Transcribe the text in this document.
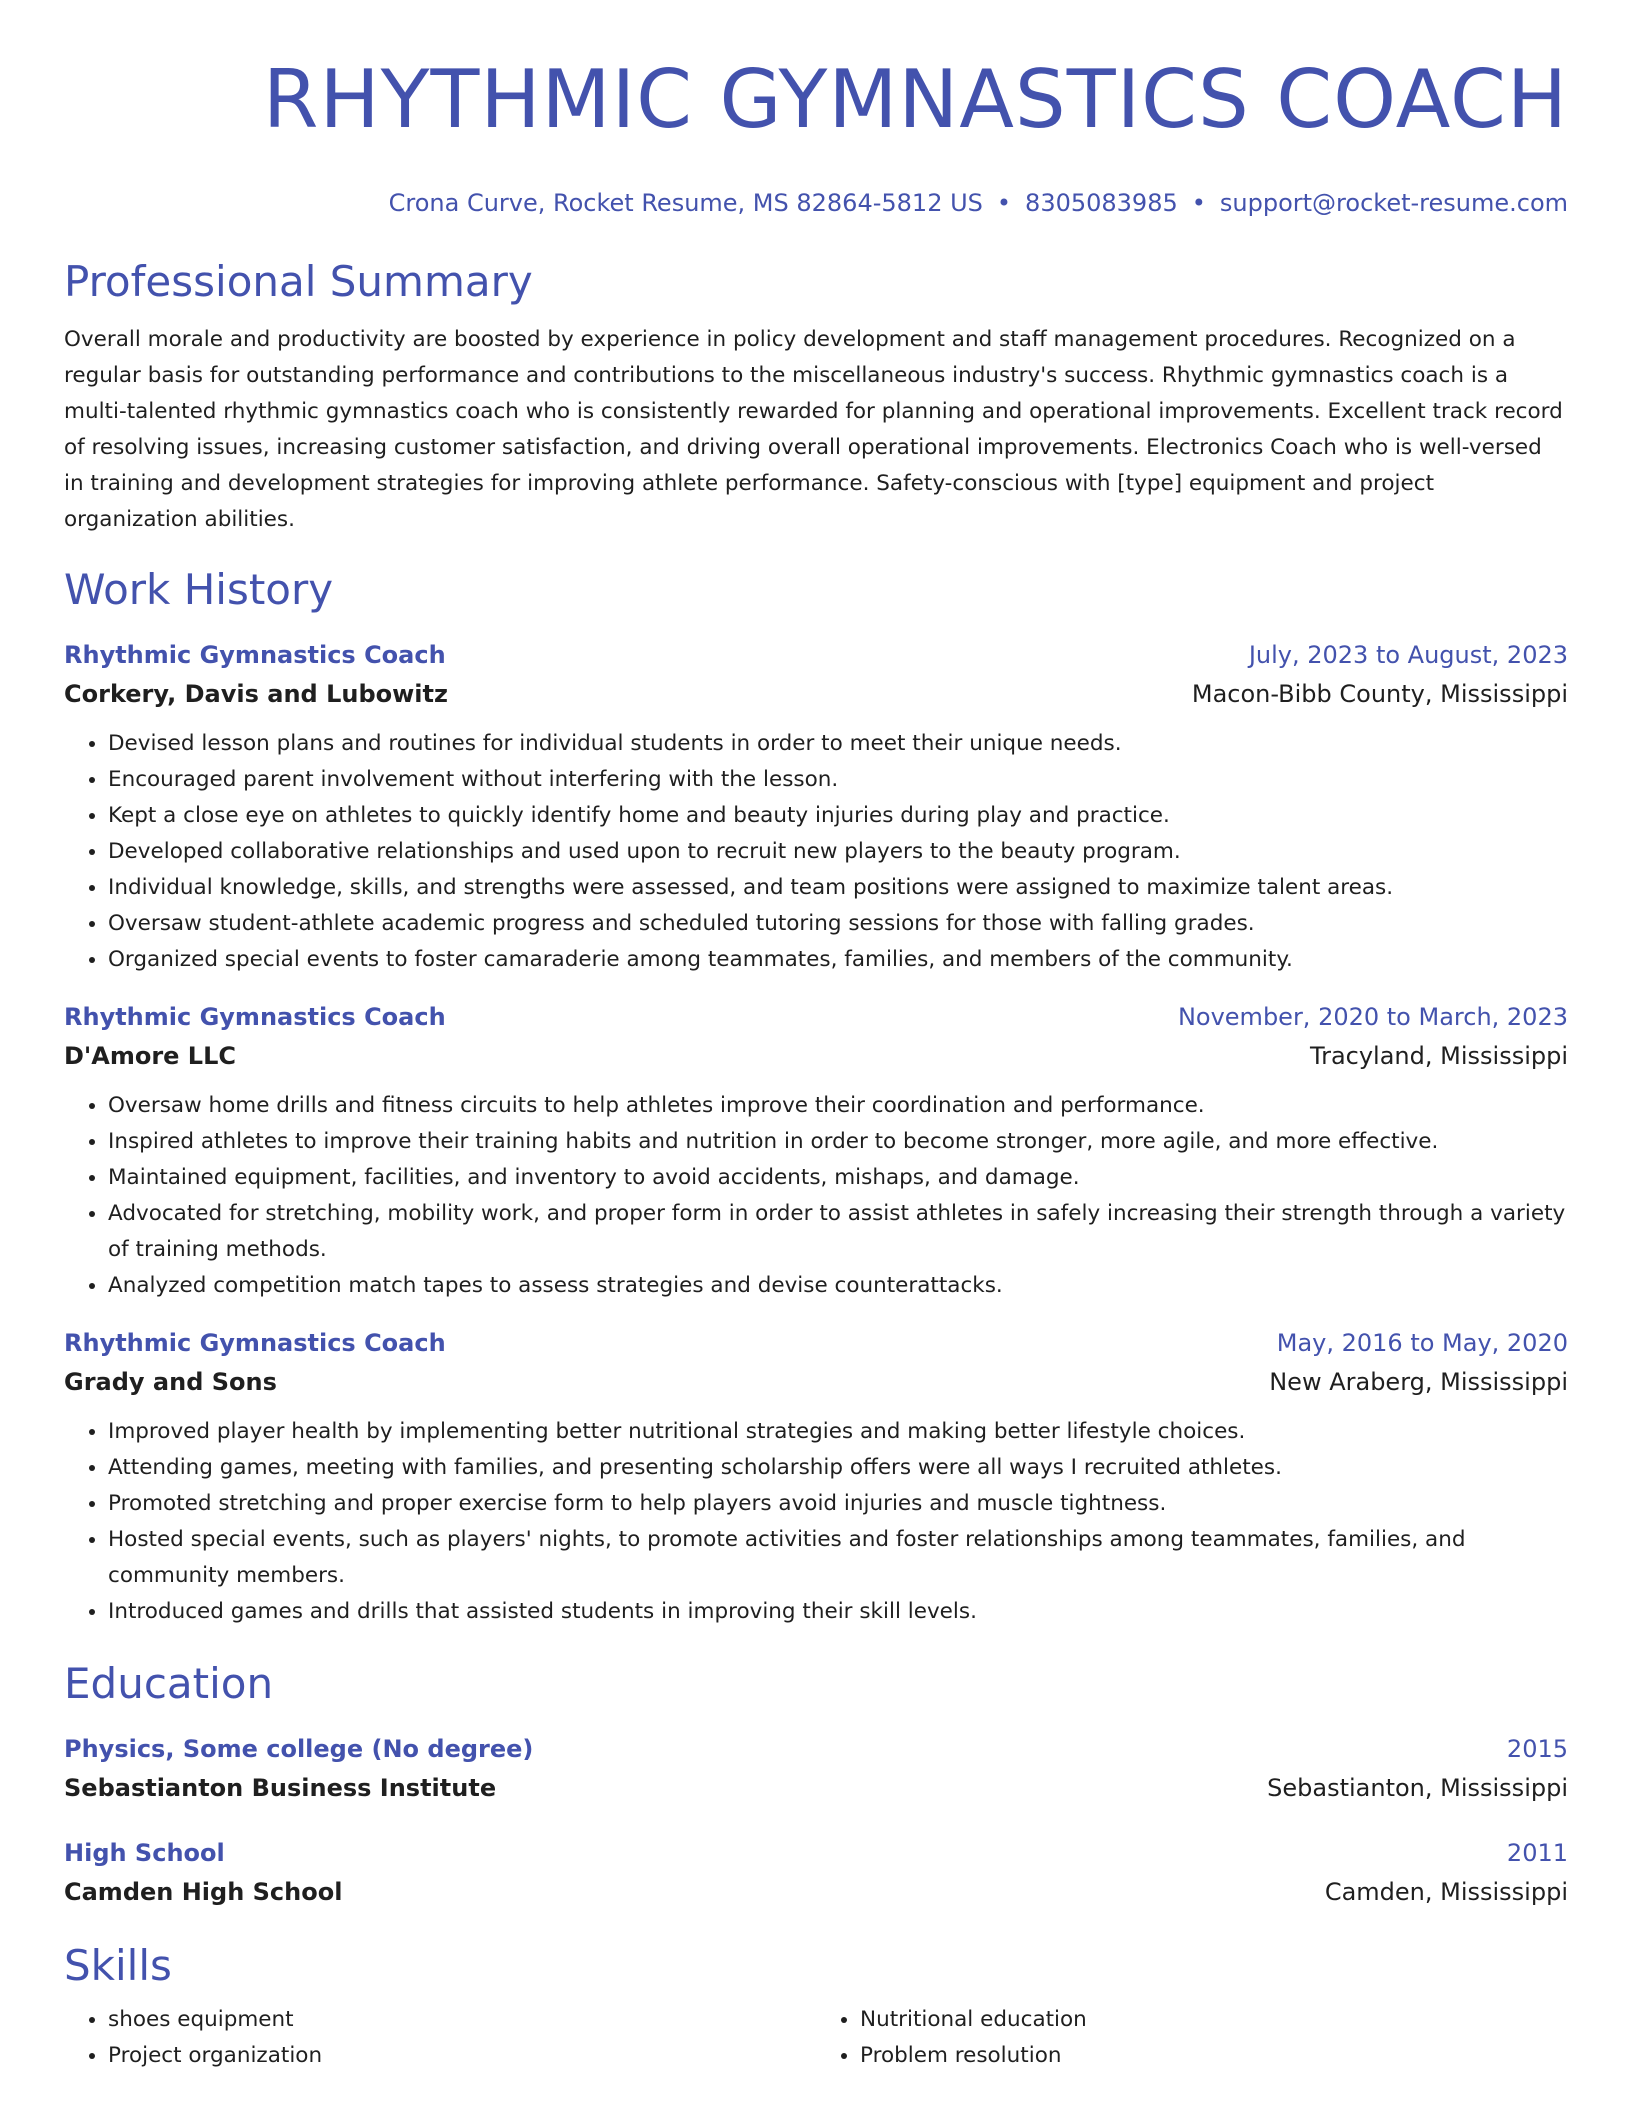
RHYTHMIC GYMNASTICS COACH
Crona Curve, Rocket Resume, MS 82864-5812 US • 8305083985 • support@rocket-resume.com
Professional Summary
Overall morale and productivity are boosted by experience in policy development and staff management procedures. Recognized on a regular basis for outstanding performance and contributions to the miscellaneous industry's success. Rhythmic gymnastics coach is a multi-talented rhythmic gymnastics coach who is consistently rewarded for planning and operational improvements. Excellent track record of resolving issues, increasing customer satisfaction, and driving overall operational improvements. Electronics Coach who is well-versed in training and development strategies for improving athlete performance. Safety-conscious with [type] equipment and project organization abilities.
Work History
Rhythmic Gymnastics Coach	July, 2023 to August, 2023
Corkery, Davis and Lubowitz	Macon-Bibb County, Mississippi
• Devised lesson plans and routines for individual students in order to meet their unique needs.
• Encouraged parent involvement without interfering with the lesson.
• Kept a close eye on athletes to quickly identify home and beauty injuries during play and practice.
• Developed collaborative relationships and used upon to recruit new players to the beauty program.
• Individual knowledge, skills, and strengths were assessed, and team positions were assigned to maximize talent areas.
• Oversaw student-athlete academic progress and scheduled tutoring sessions for those with falling grades.
• Organized special events to foster camaraderie among teammates, families, and members of the community.
Rhythmic Gymnastics Coach	November, 2020 to March, 2023
D'Amore LLC	Tracyland, Mississippi
• Oversaw home drills and fitness circuits to help athletes improve their coordination and performance.
• Inspired athletes to improve their training habits and nutrition in order to become stronger, more agile, and more effective.
• Maintained equipment, facilities, and inventory to avoid accidents, mishaps, and damage.
• Advocated for stretching, mobility work, and proper form in order to assist athletes in safely increasing their strength through a variety of training methods.
• Analyzed competition match tapes to assess strategies and devise counterattacks.
Rhythmic Gymnastics Coach	May, 2016 to May, 2020
Grady and Sons	New Araberg, Mississippi
• Improved player health by implementing better nutritional strategies and making better lifestyle choices.
• Attending games, meeting with families, and presenting scholarship offers were all ways I recruited athletes.
• Promoted stretching and proper exercise form to help players avoid injuries and muscle tightness.
• Hosted special events, such as players' nights, to promote activities and foster relationships among teammates, families, and community members.
• Introduced games and drills that assisted students in improving their skill levels.
Education
Physics, Some college (No degree)	2015
Sebastianton Business Institute	Sebastianton, Mississippi
High School	2011
Camden High School	Camden, Mississippi
Skills
• shoes equipment
• Project organization
• Nutritional education
• Problem resolution
